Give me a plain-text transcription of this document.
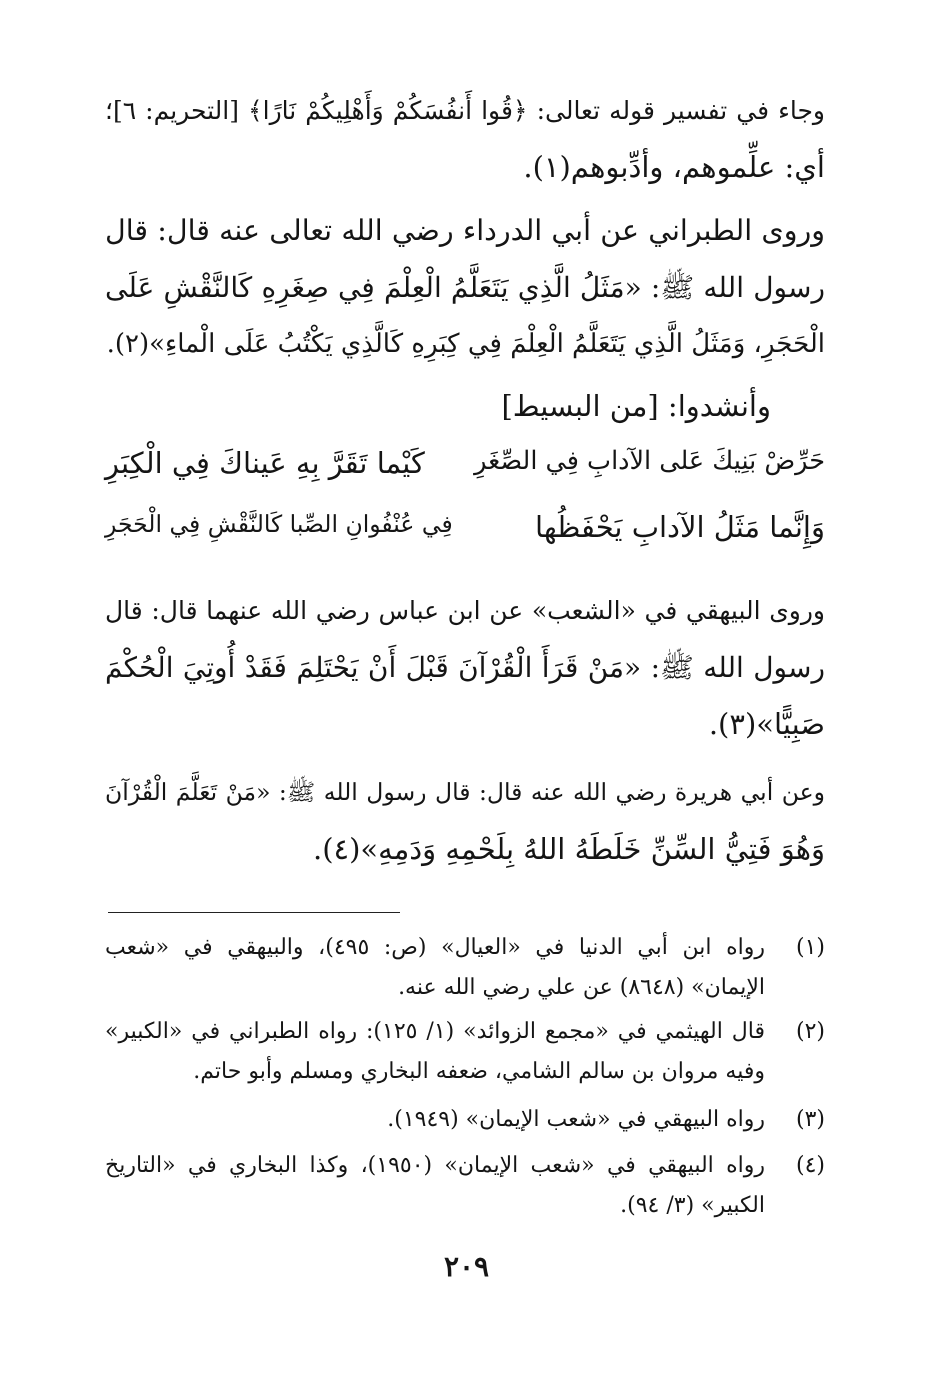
وجاء في تفسير قوله تعالى: ﴿قُوا أَنفُسَكُمْ وَأَهْلِيكُمْ نَارًا﴾ [التحريم: ٦]؛
أي: علِّموهم، وأدِّبوهم(١).
وروى الطبراني عن أبي الدرداء رضي الله تعالى عنه قال: قال
رسول الله ﷺ: «مَثَلُ الَّذِي يَتَعَلَّمُ الْعِلْمَ فِي صِغَرِهِ كَالنَّقْشِ عَلَى
الْحَجَرِ، وَمَثَلُ الَّذِي يَتَعَلَّمُ الْعِلْمَ فِي كِبَرِهِ كَالَّذِي يَكْتُبُ عَلَى الْماءِ»(٢).
وأنشدوا: [من البسيط]
حَرِّضْ بَنِيكَ عَلى الآدابِ فِي الصِّغَرِ
كَيْما تَقَرَّ بِهِ عَيناكَ فِي الْكِبَرِ
وَإِنَّما مَثَلُ الآدابِ يَحْفَظُها
فِي عُنْفُوانِ الصِّبا كَالنَّقْشِ فِي الْحَجَرِ
وروى البيهقي في «الشعب» عن ابن عباس رضي الله عنهما قال: قال
رسول الله ﷺ: «مَنْ قَرَأَ الْقُرْآنَ قَبْلَ أَنْ يَحْتَلِمَ فَقَدْ أُوتِيَ الْحُكْمَ
صَبِيًّا»(٣).
وعن أبي هريرة رضي الله عنه قال: قال رسول الله ﷺ: «مَنْ تَعَلَّمَ الْقُرْآنَ
وَهُوَ فَتِيُّ السِّنِّ خَلَطَهُ اللهُ بِلَحْمِهِ وَدَمِهِ»(٤).
(١)
رواه ابن أبي الدنيا في «العيال» (ص: ٤٩٥)، والبيهقي في «شعب
الإيمان» (٨٦٤٨) عن علي رضي الله عنه.
(٢)
قال الهيثمي في «مجمع الزوائد» (١/ ١٢٥): رواه الطبراني في «الكبير»
وفيه مروان بن سالم الشامي، ضعفه البخاري ومسلم وأبو حاتم.
(٣)
رواه البيهقي في «شعب الإيمان» (١٩٤٩).
(٤)
رواه البيهقي في «شعب الإيمان» (١٩٥٠)، وكذا البخاري في «التاريخ
الكبير» (٣/ ٩٤).
٢٠٩
